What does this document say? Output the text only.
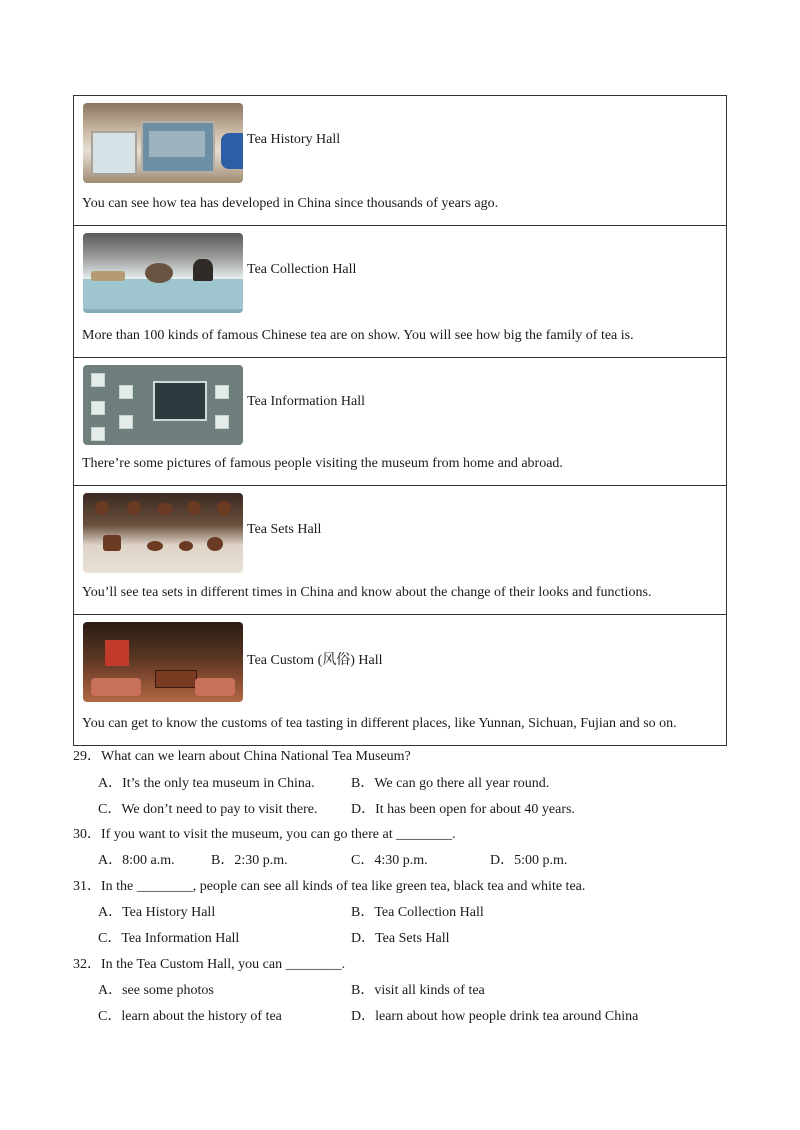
Tea History Hall
You can see how tea has developed in China since thousands of years ago.
Tea Collection Hall
More than 100 kinds of famous Chinese tea are on show. You will see how big the family of tea is.
Tea Information Hall
There’re some pictures of famous people visiting the museum from home and abroad.
Tea Sets Hall
You’ll see tea sets in different times in China and know about the change of their looks and functions.
Tea Custom (风俗) Hall
You can get to know the customs of tea tasting in different places, like Yunnan, Sichuan, Fujian and so on.
29．What can we learn about China National Tea Museum?
A．It’s the only tea museum in China.	B．We can go there all year round.
C．We don’t need to pay to visit there. D．It has been open for about 40 years.
30．If you want to visit the museum, you can go there at ________.
A．8:00 a.m.	B．2:30 p.m.	C．4:30 p.m.	D．5:00 p.m.
31．In the ________, people can see all kinds of tea like green tea, black tea and white tea.
A．Tea History Hall	B．Tea Collection Hall
C．Tea Information Hall	D．Tea Sets Hall
32．In the Tea Custom Hall, you can ________.
A．see some photos	B．visit all kinds of tea
C．learn about the history of tea	D．learn about how people drink tea around China
